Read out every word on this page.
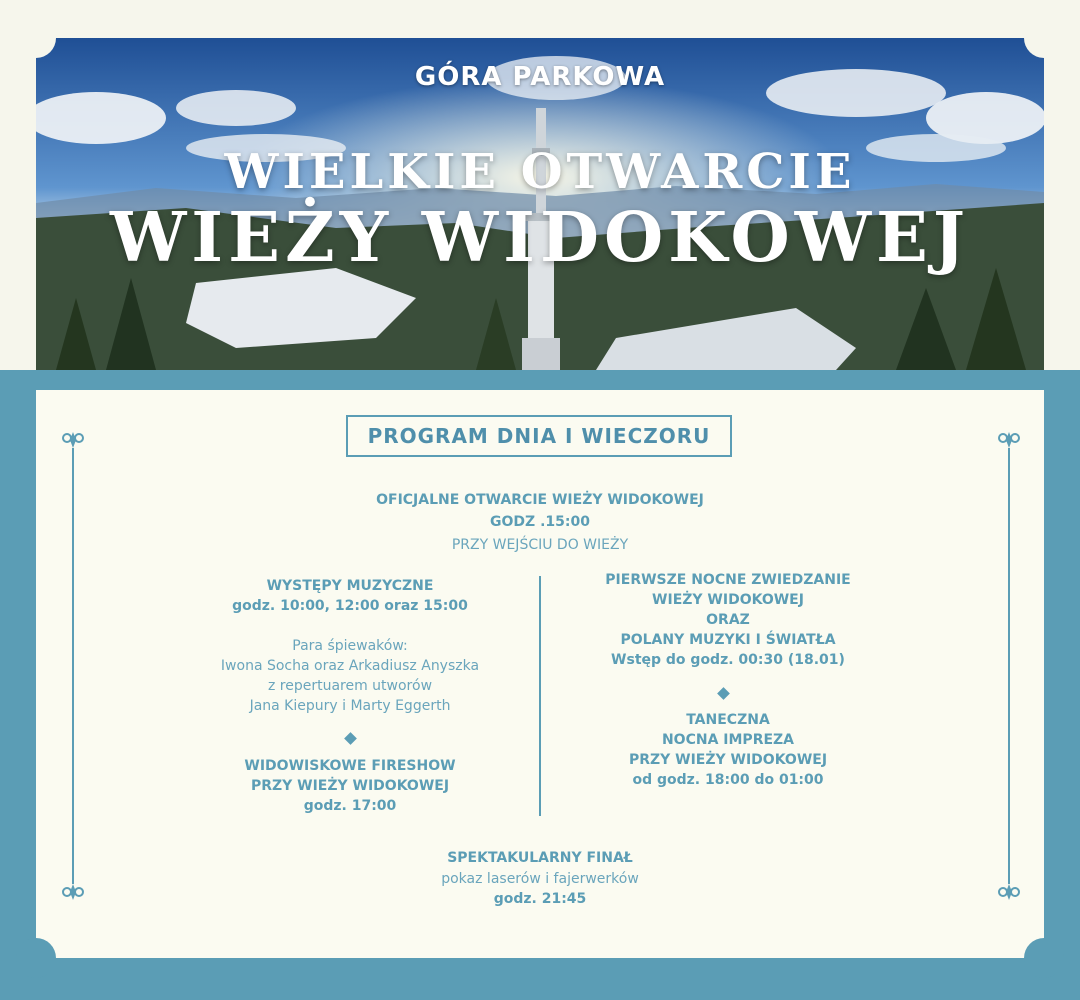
GÓRA PARKOWA
WIELKIE OTWARCIE
WIEŻY WIDOKOWEJ
PROGRAM DNIA I WIECZORU
OFICJALNE OTWARCIE WIEŻY WIDOKOWEJ
GODZ .15:00
PRZY WEJŚCIU DO WIEŻY
WYSTĘPY MUZYCZNE
godz. 10:00, 12:00 oraz 15:00
Para śpiewaków:
Iwona Socha oraz Arkadiusz Anyszka
z repertuarem utworów
Jana Kiepury i Marty Eggerth
WIDOWISKOWE FIRESHOW
PRZY WIEŻY WIDOKOWEJ
godz. 17:00
PIERWSZE NOCNE ZWIEDZANIE
WIEŻY WIDOKOWEJ
ORAZ
POLANY MUZYKI I ŚWIATŁA
Wstęp do godz. 00:30 (18.01)
TANECZNA
NOCNA IMPREZA
PRZY WIEŻY WIDOKOWEJ
od godz. 18:00 do 01:00
SPEKTAKULARNY FINAŁ
pokaz laserów i fajerwerków
godz. 21:45
